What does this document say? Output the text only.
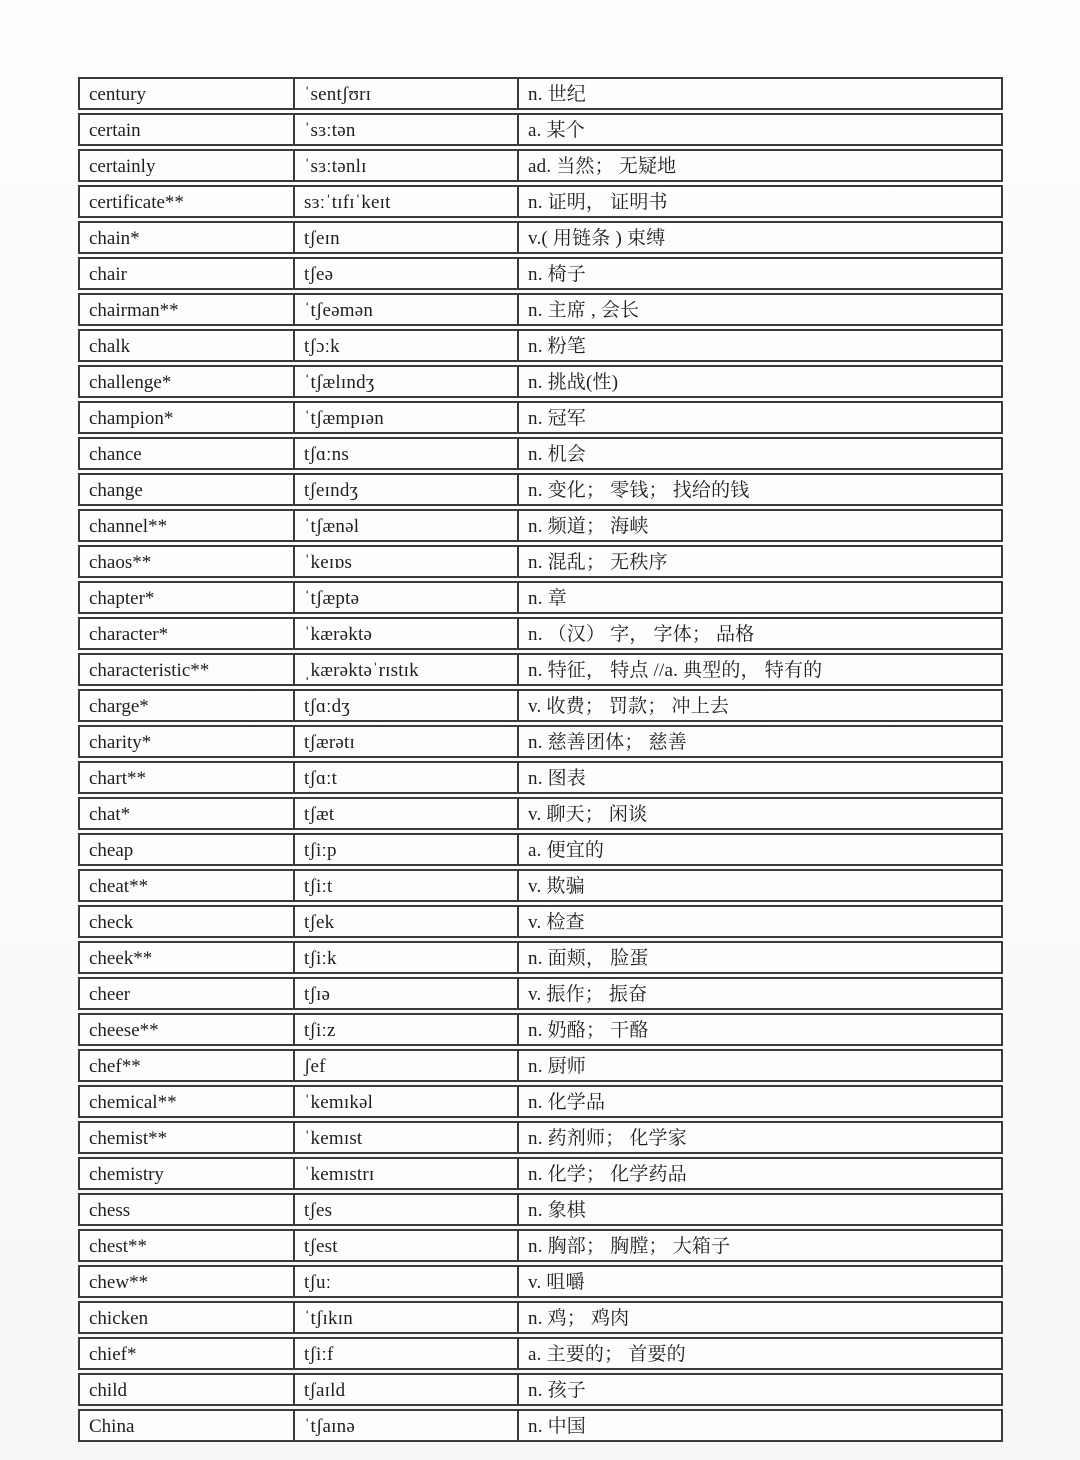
century	ˈsentʃʊrɪ	n. 世纪
certain	ˈsɜːtən	a. 某个
certainly	ˈsɜːtənlɪ	ad. 当然； 无疑地
certificate**	sɜːˈtɪfɪˈkeɪt	n. 证明， 证明书
chain*	tʃeɪn	v.( 用链条 ) 束缚
chair	tʃeə	n. 椅子
chairman**	ˈtʃeəmən	n. 主席 , 会长
chalk	tʃɔːk	n. 粉笔
challenge*	ˈtʃælɪndʒ	n. 挑战(性)
champion*	ˈtʃæmpɪən	n. 冠军
chance	tʃɑːns	n. 机会
change	tʃeɪndʒ	n. 变化； 零钱； 找给的钱
channel**	ˈtʃænəl	n. 频道； 海峡
chaos**	ˈkeɪɒs	n. 混乱； 无秩序
chapter*	ˈtʃæptə	n. 章
character*	ˈkærəktə	n. （汉） 字， 字体； 品格
characteristic**	ˌkærəktəˈrɪstɪk	n. 特征， 特点 //a. 典型的， 特有的
charge*	tʃɑːdʒ	v. 收费； 罚款； 冲上去
charity*	tʃærətɪ	n. 慈善团体； 慈善
chart**	tʃɑːt	n. 图表
chat*	tʃæt	v. 聊天； 闲谈
cheap	tʃiːp	a. 便宜的
cheat**	tʃiːt	v. 欺骗
check	tʃek	v. 检查
cheek**	tʃiːk	n. 面颊， 脸蛋
cheer	tʃɪə	v. 振作； 振奋
cheese**	tʃiːz	n. 奶酪； 干酪
chef**	ʃef	n. 厨师
chemical**	ˈkemɪkəl	n. 化学品
chemist**	ˈkemɪst	n. 药剂师； 化学家
chemistry	ˈkemɪstrɪ	n. 化学； 化学药品
chess	tʃes	n. 象棋
chest**	tʃest	n. 胸部； 胸膛； 大箱子
chew**	tʃuː	v. 咀嚼
chicken	ˈtʃɪkɪn	n. 鸡； 鸡肉
chief*	tʃiːf	a. 主要的； 首要的
child	tʃaɪld	n. 孩子
China	ˈtʃaɪnə	n. 中国
